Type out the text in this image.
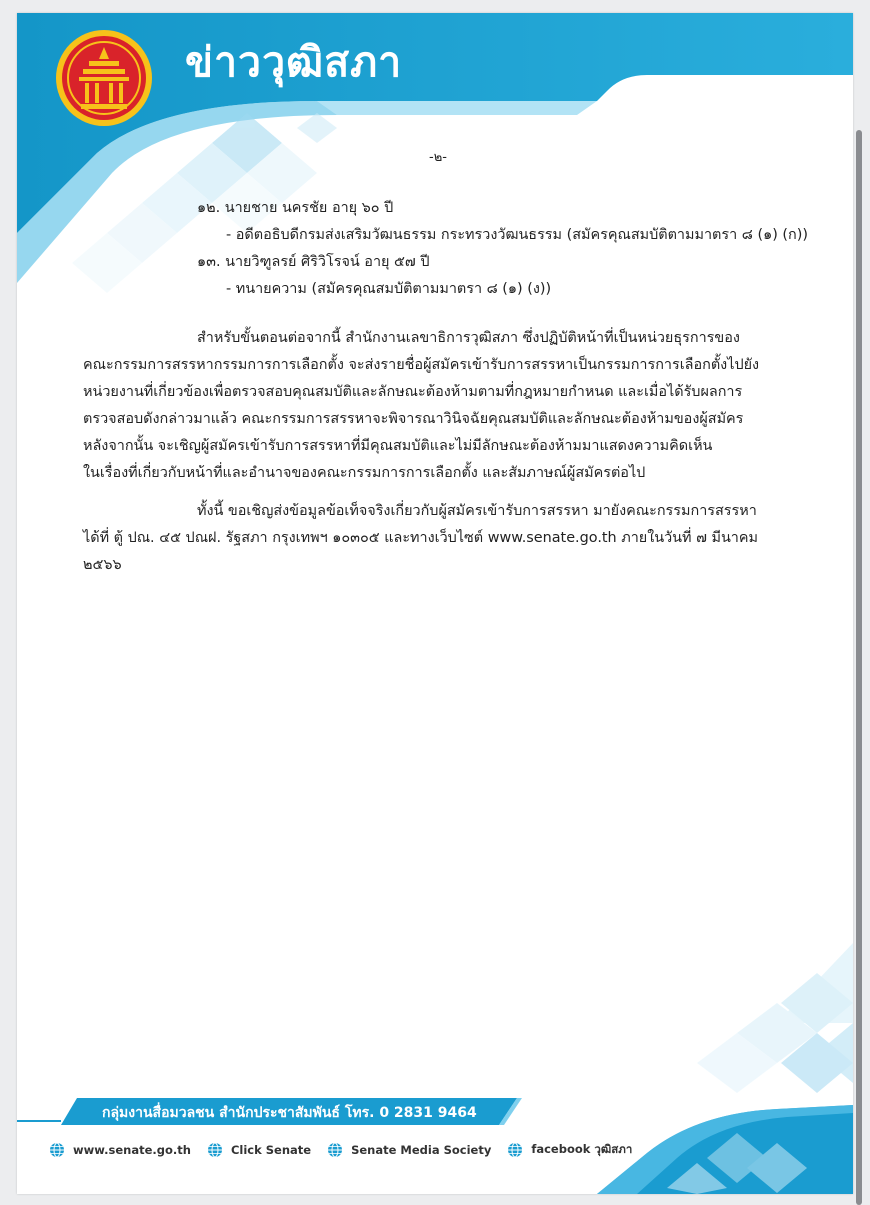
ข่าววุฒิสภา
-๒-
๑๒. นายชาย นครชัย อายุ ๖๐ ปี
- อดีตอธิบดีกรมส่งเสริมวัฒนธรรม กระทรวงวัฒนธรรม (สมัครคุณสมบัติตามมาตรา ๘ (๑) (ก))
๑๓. นายวิฑูลรย์ ศิริวิโรจน์ อายุ ๕๗ ปี
- ทนายความ (สมัครคุณสมบัติตามมาตรา ๘ (๑) (ง))
สำหรับขั้นตอนต่อจากนี้ สำนักงานเลขาธิการวุฒิสภา ซึ่งปฏิบัติหน้าที่เป็นหน่วยธุรการของ
คณะกรรมการสรรหากรรมการการเลือกตั้ง จะส่งรายชื่อผู้สมัครเข้ารับการสรรหาเป็นกรรมการการเลือกตั้งไปยัง
หน่วยงานที่เกี่ยวข้องเพื่อตรวจสอบคุณสมบัติและลักษณะต้องห้ามตามที่กฎหมายกำหนด และเมื่อได้รับผลการ
ตรวจสอบดังกล่าวมาแล้ว คณะกรรมการสรรหาจะพิจารณาวินิจฉัยคุณสมบัติและลักษณะต้องห้ามของผู้สมัคร
หลังจากนั้น จะเชิญผู้สมัครเข้ารับการสรรหาที่มีคุณสมบัติและไม่มีลักษณะต้องห้ามมาแสดงความคิดเห็น
ในเรื่องที่เกี่ยวกับหน้าที่และอำนาจของคณะกรรมการการเลือกตั้ง และสัมภาษณ์ผู้สมัครต่อไป
ทั้งนี้ ขอเชิญส่งข้อมูลข้อเท็จจริงเกี่ยวกับผู้สมัครเข้ารับการสรรหา มายังคณะกรรมการสรรหา
ได้ที่ ตู้ ปณ. ๔๕ ปณฝ. รัฐสภา กรุงเทพฯ ๑๐๓๐๕ และทางเว็บไซต์ www.senate.go.th ภายในวันที่ ๗ มีนาคม
๒๕๖๖
กลุ่มงานสื่อมวลชน สำนักประชาสัมพันธ์ โทร. 0 2831 9464
www.senate.go.th	Click Senate	Senate Media Society	facebook วุฒิสภา
